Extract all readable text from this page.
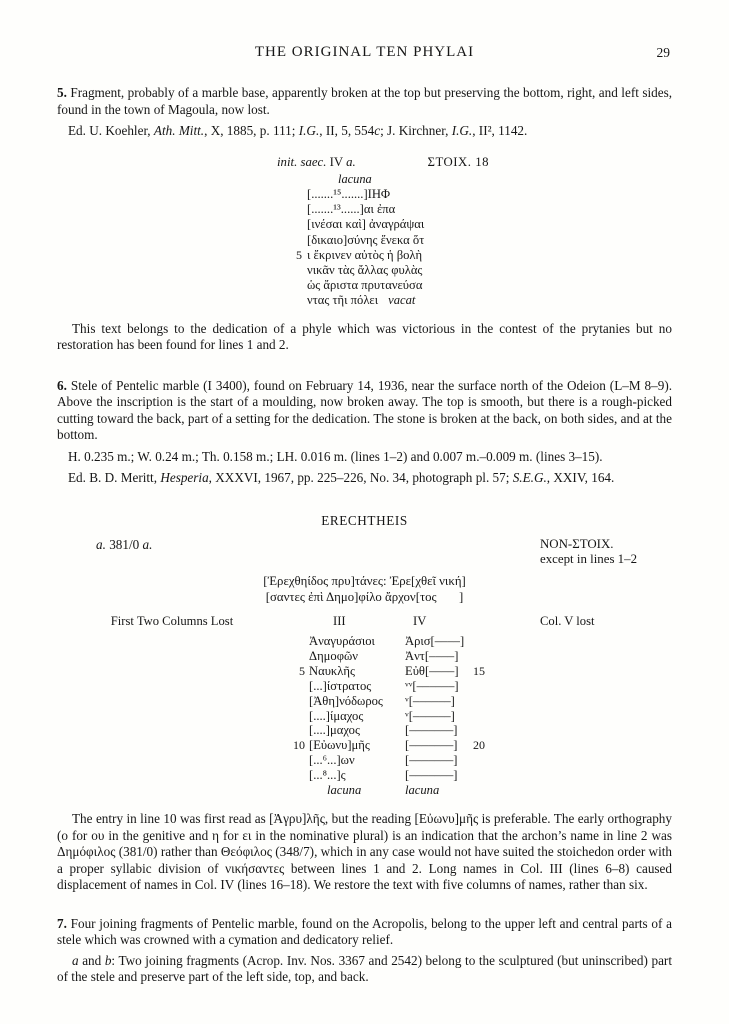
THE ORIGINAL TEN PHYLAI	29

5. Fragment, probably of a marble base, apparently broken at the top but preserving the bottom, right, and left sides, found in the town of Magoula, now lost.

Ed. U. Koehler, Ath. Mitt., X, 1885, p. 111; I.G., II, 5, 554c; J. Kirchner, I.G., II², 1142.

init. saec. IV a.	ΣΤΟΙΧ. 18
lacuna
[.......¹⁵.......]ΙΗΦ
[.......¹³......]αι ἐπα
[ινέσαι καὶ] ἀναγράψαι
[δικαιο]σύνης ἕνεκα ὅτ
5 ι ἔκρινεν αὐτὸς ἡ βολὴ
νικᾶν τὰς ἄλλας φυλὰς
ὡς ἄριστα πρυτανεύσα
ντας τῆι πόλει vacat

This text belongs to the dedication of a phyle which was victorious in the contest of the prytanies but no restoration has been found for lines 1 and 2.

6. Stele of Pentelic marble (I 3400), found on February 14, 1936, near the surface north of the Odeion (L–M 8–9). Above the inscription is the start of a moulding, now broken away. The top is smooth, but there is a rough-picked cutting toward the back, part of a setting for the dedication. The stone is broken at the back, on both sides, and at the bottom.

H. 0.235 m.; W. 0.24 m.; Th. 0.158 m.; LH. 0.016 m. (lines 1–2) and 0.007 m.–0.009 m. (lines 3–15).

Ed. B. D. Meritt, Hesperia, XXXVI, 1967, pp. 225–226, No. 34, photograph pl. 57; S.E.G., XXIV, 164.

ERECHTHEIS
a. 381/0 a.	NON-ΣΤΟΙΧ.
except in lines 1–2
[Ἐρεχθηίδος πρυ]τάνες: Ἐρε[χθεῖ νική]
[σαντες ἐπὶ Δημο]φίλο ἄρχον[τος       ]
First Two Columns Lost	III	IV	Col. V lost
Ἀναγυράσιοι	Ἀρισ[––––]
Δημοφῶν	Ἀντ[––––]
5 Ναυκλῆς	Εὐθ[––––]	15
[...]ίστρατος	ᵛᵛ[––––––]
[Ἀθη]νόδωρος	ᵛ[––––––]
[....]ίμαχος	ᵛ[––––––]
[....]μαχος	[–––––––]
10 [Εὐωνυ]μῆς	[–––––––]	20
[...⁶...]ων	[–––––––]
[...⁸...]ς	[–––––––]
lacuna	lacuna

The entry in line 10 was first read as [Ἀγρυ]λῆς, but the reading [Εὐωνυ]μῆς is preferable. The early orthography (ο for ου in the genitive and η for ει in the nominative plural) is an indication that the archon’s name in line 2 was Δημόφιλος (381/0) rather than Θεόφιλος (348/7), which in any case would not have suited the stoichedon order with a proper syllabic division of νικήσαντες between lines 1 and 2. Long names in Col. III (lines 6–8) caused displacement of names in Col. IV (lines 16–18). We restore the text with five columns of names, rather than six.

7. Four joining fragments of Pentelic marble, found on the Acropolis, belong to the upper left and central parts of a stele which was crowned with a cymation and dedicatory relief.

a and b: Two joining fragments (Acrop. Inv. Nos. 3367 and 2542) belong to the sculptured (but uninscribed) part of the stele and preserve part of the left side, top, and back.
